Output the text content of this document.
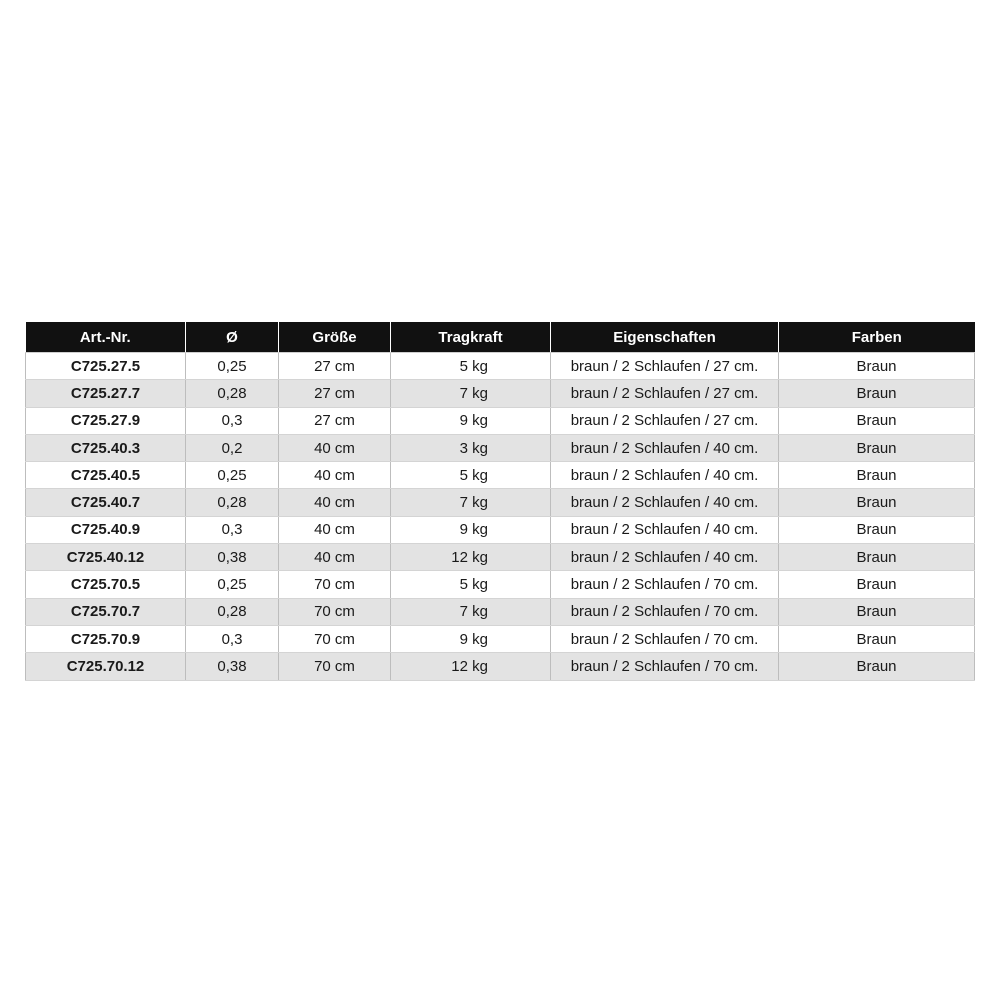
Art.-Nr.	Ø	Größe	Tragkraft	Eigenschaften	Farben
C725.27.5	0,25	27 cm	5 kg	braun / 2 Schlaufen / 27 cm.	Braun
C725.27.7	0,28	27 cm	7 kg	braun / 2 Schlaufen / 27 cm.	Braun
C725.27.9	0,3	27 cm	9 kg	braun / 2 Schlaufen / 27 cm.	Braun
C725.40.3	0,2	40 cm	3 kg	braun / 2 Schlaufen / 40 cm.	Braun
C725.40.5	0,25	40 cm	5 kg	braun / 2 Schlaufen / 40 cm.	Braun
C725.40.7	0,28	40 cm	7 kg	braun / 2 Schlaufen / 40 cm.	Braun
C725.40.9	0,3	40 cm	9 kg	braun / 2 Schlaufen / 40 cm.	Braun
C725.40.12	0,38	40 cm	12 kg	braun / 2 Schlaufen / 40 cm.	Braun
C725.70.5	0,25	70 cm	5 kg	braun / 2 Schlaufen / 70 cm.	Braun
C725.70.7	0,28	70 cm	7 kg	braun / 2 Schlaufen / 70 cm.	Braun
C725.70.9	0,3	70 cm	9 kg	braun / 2 Schlaufen / 70 cm.	Braun
C725.70.12	0,38	70 cm	12 kg	braun / 2 Schlaufen / 70 cm.	Braun
